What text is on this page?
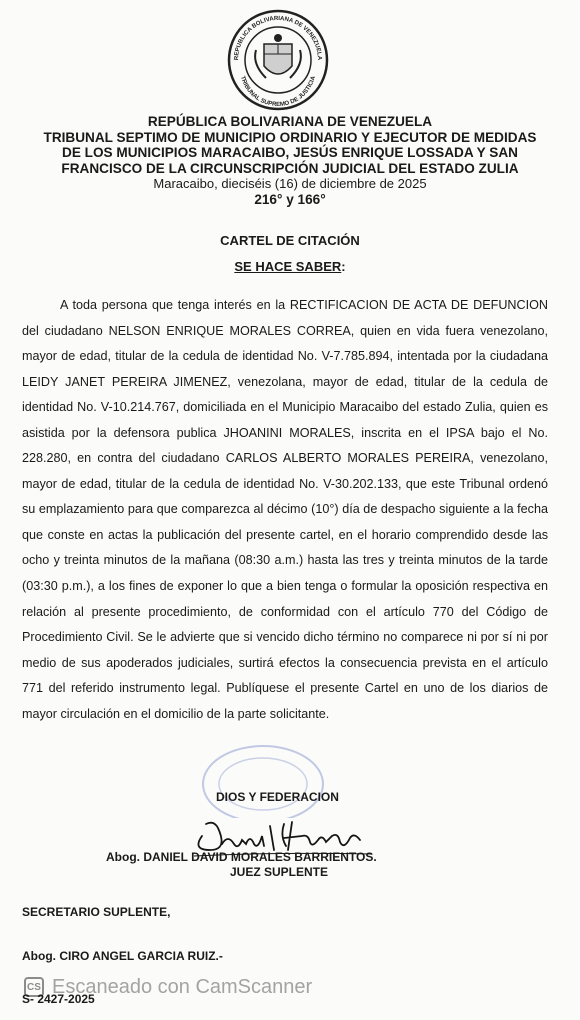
REPUBLICA BOLIVARIANA DE VENEZUELA
TRIBUNAL SUPREMO DE JUSTICIA
REPÚBLICA BOLIVARIANA DE VENEZUELA
TRIBUNAL SEPTIMO DE MUNICIPIO ORDINARIO Y EJECUTOR DE MEDIDAS
DE LOS MUNICIPIOS MARACAIBO, JESÚS ENRIQUE LOSSADA Y SAN
FRANCISCO DE LA CIRCUNSCRIPCIÓN JUDICIAL DEL ESTADO ZULIA
Maracaibo, dieciséis (16) de diciembre de 2025
216° y 166°
CARTEL DE CITACIÓN
SE HACE SABER:

A toda persona que tenga interés en la RECTIFICACION DE ACTA DE DEFUNCION del ciudadano NELSON ENRIQUE MORALES CORREA, quien en vida fuera venezolano, mayor de edad, titular de la cedula de identidad No. V-7.785.894, intentada por la ciudadana LEIDY JANET PEREIRA JIMENEZ, venezolana, mayor de edad, titular de la cedula de identidad No. V-10.214.767, domiciliada en el Municipio Maracaibo del estado Zulia, quien es asistida por la defensora publica JHOANINI MORALES, inscrita en el IPSA bajo el No. 228.280, en contra del ciudadano CARLOS ALBERTO MORALES PEREIRA, venezolano, mayor de edad, titular de la cedula de identidad No. V-30.202.133, que este Tribunal ordenó su emplazamiento para que comparezca al décimo (10°) día de despacho siguiente a la fecha que conste en actas la publicación del presente cartel, en el horario comprendido desde las ocho y treinta minutos de la mañana (08:30 a.m.) hasta las tres y treinta minutos de la tarde (03:30 p.m.), a los fines de exponer lo que a bien tenga o formular la oposición respectiva en relación al presente procedimiento, de conformidad con el artículo 770 del Código de Procedimiento Civil. Se le advierte que si vencido dicho término no comparece ni por sí ni por medio de sus apoderados judiciales, surtirá efectos la consecuencia prevista en el artículo 771 del referido instrumento legal. Publíquese el presente Cartel en uno de los diarios de mayor circulación en el domicilio de la parte solicitante.

DIOS Y FEDERACION
Abog. DANIEL DAVID MORALES BARRIENTOS.
JUEZ SUPLENTE
SECRETARIO SUPLENTE,
Abog. CIRO ANGEL GARCIA RUIZ.-
CS Escaneado con CamScanner
S- 2427-2025
